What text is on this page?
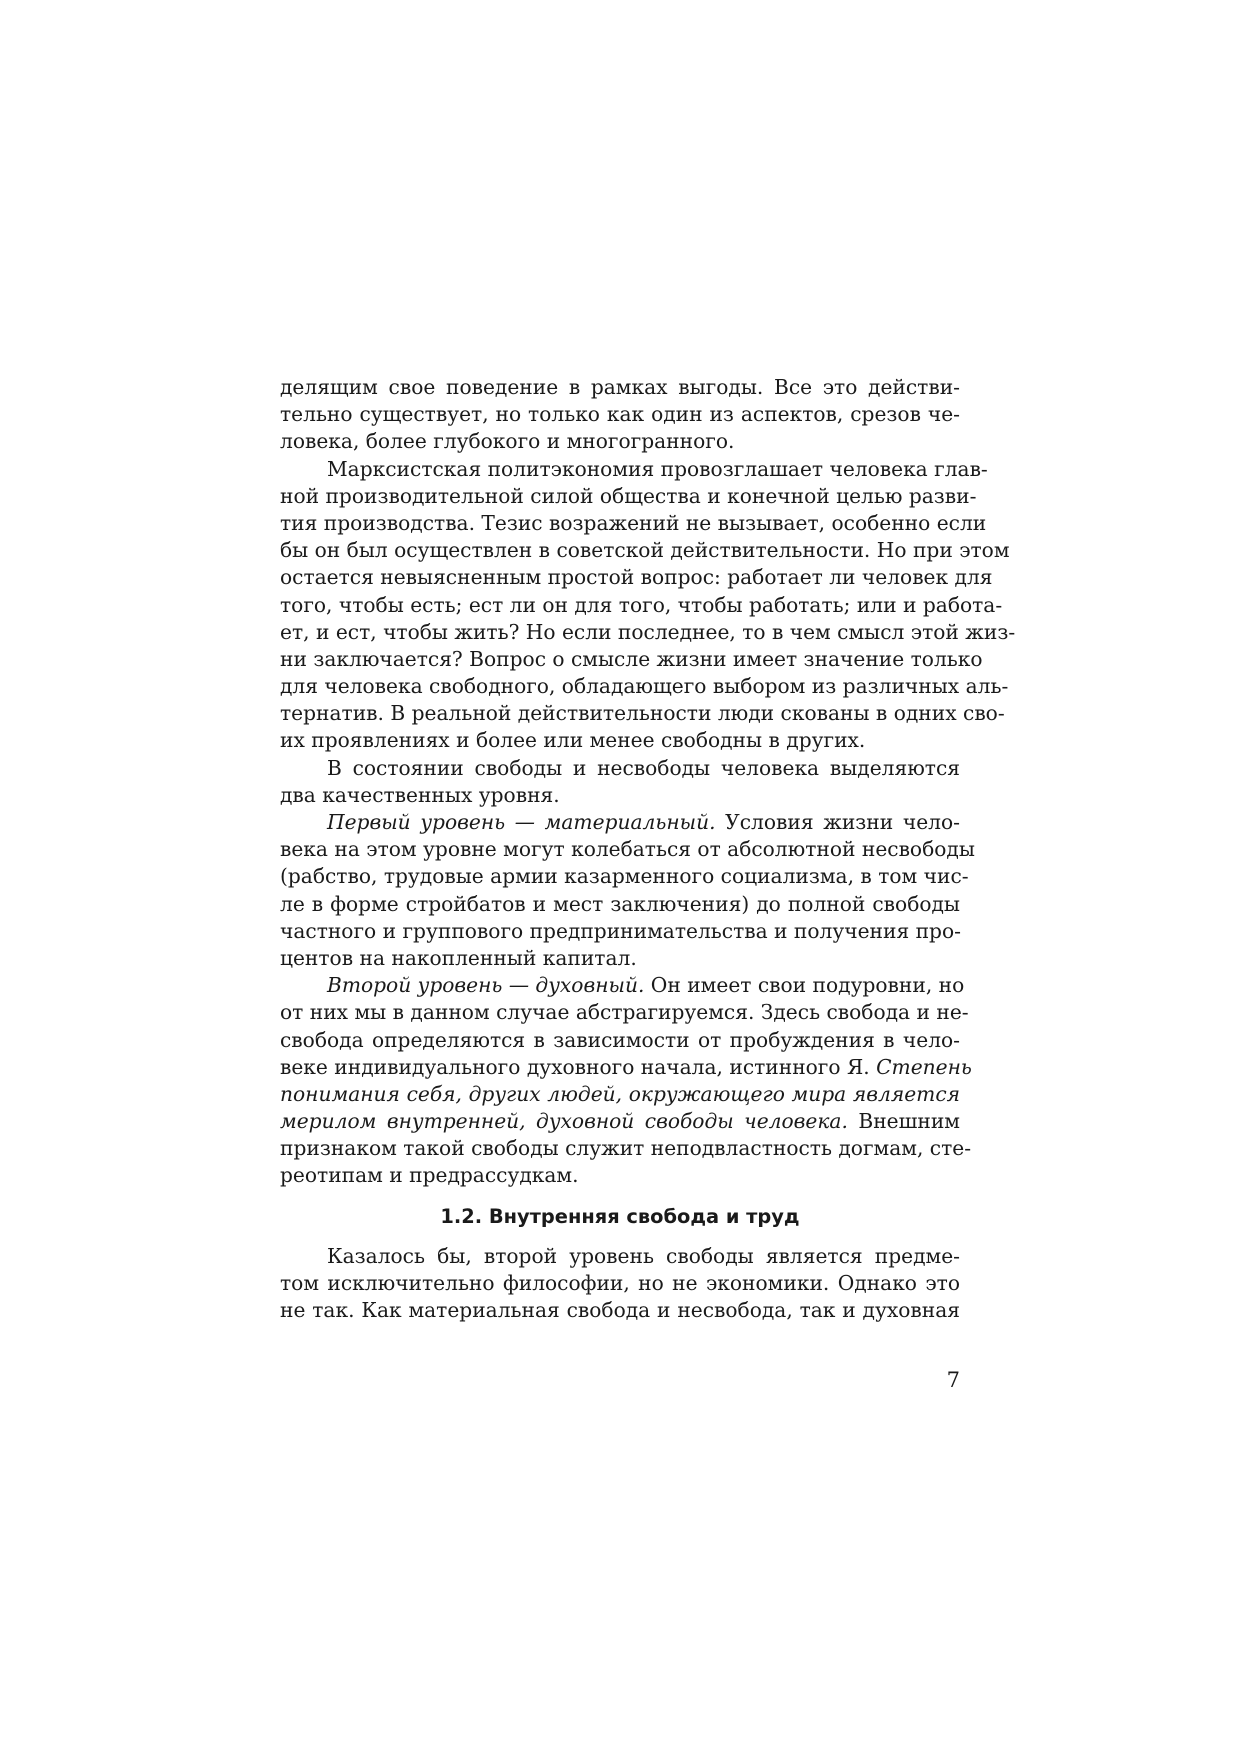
делящим свое поведение в рамках выгоды. Все это действи-
тельно существует, но только как один из аспектов, срезов че-
ловека, более глубокого и многогранного.
Марксистская политэкономия провозглашает человека глав-
ной производительной силой общества и конечной целью разви-
тия производства. Тезис возражений не вызывает, особенно если
бы он был осуществлен в советской действительности. Но при этом
остается невыясненным простой вопрос: работает ли человек для
того, чтобы есть; ест ли он для того, чтобы работать; или и работа-
ет, и ест, чтобы жить? Но если последнее, то в чем смысл этой жиз-
ни заключается? Вопрос о смысле жизни имеет значение только
для человека свободного, обладающего выбором из различных аль-
тернатив. В реальной действительности люди скованы в одних сво-
их проявлениях и более или менее свободны в других.
В состоянии свободы и несвободы человека выделяются
два качественных уровня.
Первый уровень — материальный. Условия жизни чело-
века на этом уровне могут колебаться от абсолютной несвободы
(рабство, трудовые армии казарменного социализма, в том чис-
ле в форме стройбатов и мест заключения) до полной свободы
частного и группового предпринимательства и получения про-
центов на накопленный капитал.
Второй уровень — духовный. Он имеет свои подуровни, но
от них мы в данном случае абстрагируемся. Здесь свобода и не-
свобода определяются в зависимости от пробуждения в чело-
веке индивидуального духовного начала, истинного Я. Степень
понимания себя, других людей, окружающего мира является
мерилом внутренней, духовной свободы человека. Внешним
признаком такой свободы служит неподвластность догмам, сте-
реотипам и предрассудкам.
1.2. Внутренняя свобода и труд
Казалось бы, второй уровень свободы является предме-
том исключительно философии, но не экономики. Однако это
не так. Как материальная свобода и несвобода, так и духовная
7
